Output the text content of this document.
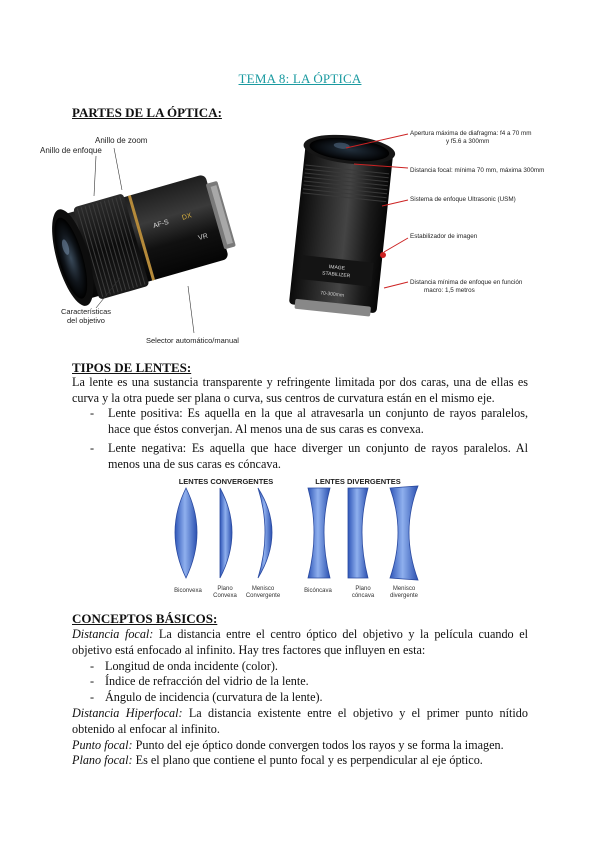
TEMA 8: LA ÓPTICA
PARTES DE LA ÓPTICA:
AF-S
DX
VR
Anillo de zoom
Anillo de enfoque
Características
del objetivo
Selector automático/manual
IMAGE
STABILIZER
70-300mm
Apertura máxima de diafragma: f4 a 70 mm
y f5.6 a 300mm
Distancia focal: mínima 70 mm, máxima 300mm
Sistema de enfoque Ultrasonic (USM)
Estabilizador de imagen
Distancia mínima de enfoque en función
macro: 1,5 metros
TIPOS DE LENTES:
La lente es una sustancia transparente y refringente limitada por dos caras, una de ellas es curva y la otra puede ser plana o curva, sus centros de curvatura están en el mismo eje.
-	Lente positiva: Es aquella en la que al atravesarla un conjunto de rayos paralelos, hace que éstos converjan. Al menos una de sus caras es convexa.
-	Lente negativa: Es aquella que hace diverger un conjunto de rayos paralelos. Al menos una de sus caras es cóncava.
LENTES CONVERGENTES	LENTES DIVERGENTES
Biconvexa	Plano
Convexa
Menisco
Convergente
Bicóncava	Plano
cóncava
Menisco
divergente
CONCEPTOS BÁSICOS:
Distancia focal: La distancia entre el centro óptico del objetivo y la película cuando el objetivo está enfocado al infinito. Hay tres factores que influyen en esta:
- Longitud de onda incidente (color).
- Índice de refracción del vidrio de la lente.
- Ángulo de incidencia (curvatura de la lente).
Distancia Hiperfocal: La distancia existente entre el objetivo y el primer punto nítido obtenido al enfocar al infinito.
Punto focal: Punto del eje óptico donde convergen todos los rayos y se forma la imagen.
Plano focal: Es el plano que contiene el punto focal y es perpendicular al eje óptico.
